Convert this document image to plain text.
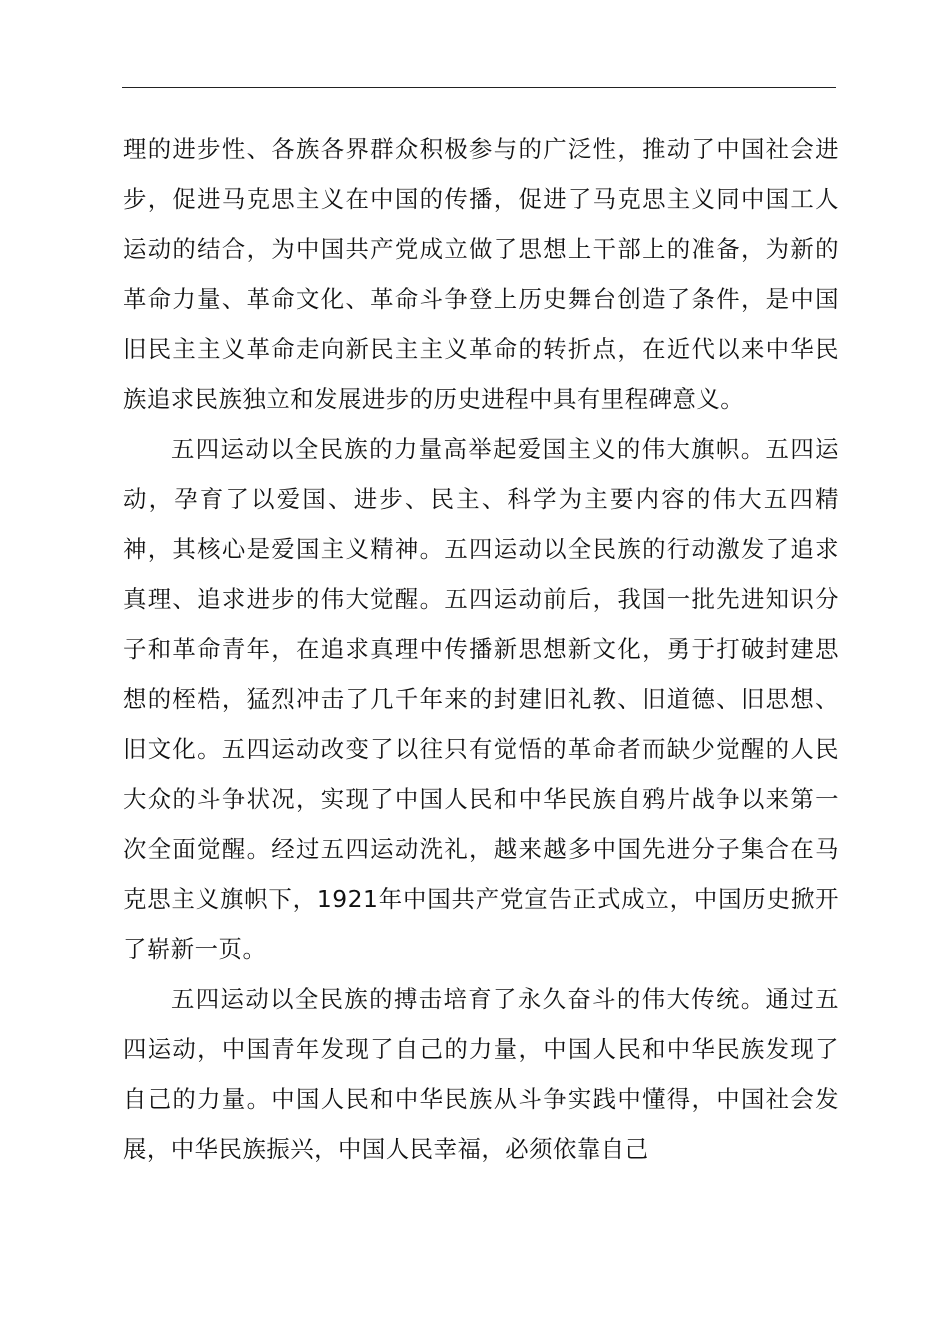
理的进步性、各族各界群众积极参与的广泛性，推动了中国社会进步，促进马克思主义在中国的传播，促进了马克思主义同中国工人运动的结合，为中国共产党成立做了思想上干部上的准备，为新的革命力量、革命文化、革命斗争登上历史舞台创造了条件，是中国旧民主主义革命走向新民主主义革命的转折点，在近代以来中华民族追求民族独立和发展进步的历史进程中具有里程碑意义。

五四运动以全民族的力量高举起爱国主义的伟大旗帜。五四运动，孕育了以爱国、进步、民主、科学为主要内容的伟大五四精神，其核心是爱国主义精神。五四运动以全民族的行动激发了追求真理、追求进步的伟大觉醒。五四运动前后，我国一批先进知识分子和革命青年，在追求真理中传播新思想新文化，勇于打破封建思想的桎梏，猛烈冲击了几千年来的封建旧礼教、旧道德、旧思想、旧文化。五四运动改变了以往只有觉悟的革命者而缺少觉醒的人民大众的斗争状况，实现了中国人民和中华民族自鸦片战争以来第一次全面觉醒。经过五四运动洗礼，越来越多中国先进分子集合在马克思主义旗帜下，1921年中国共产党宣告正式成立，中国历史掀开了崭新一页。

五四运动以全民族的搏击培育了永久奋斗的伟大传统。通过五四运动，中国青年发现了自己的力量，中国人民和中华民族发现了自己的力量。中国人民和中华民族从斗争实践中懂得，中国社会发展，中华民族振兴，中国人民幸福，必须依靠自己
